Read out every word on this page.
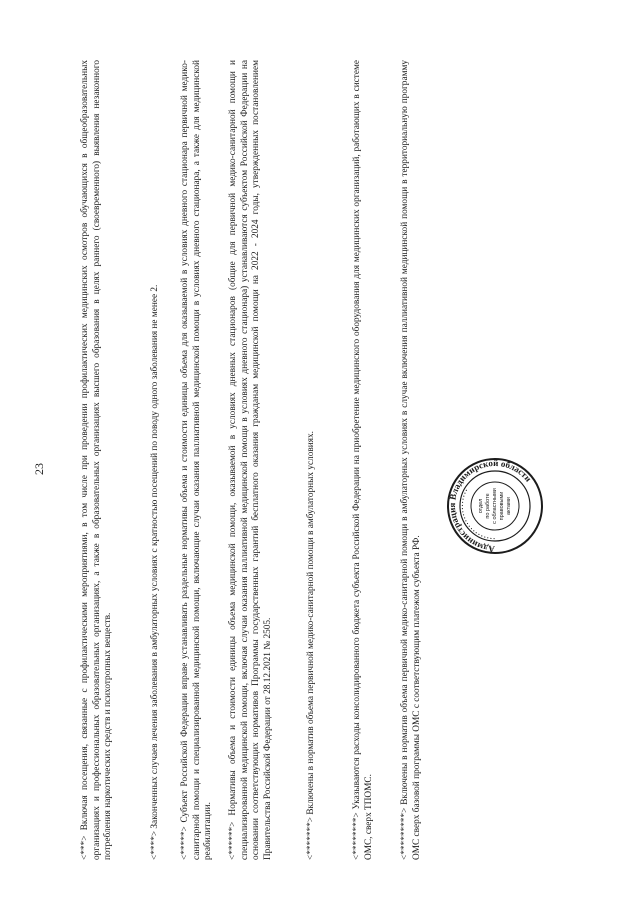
23	<***> Включая посещения, связанные с профилактическими мероприятиями, в том числе при проведении профилактических медицинских осмотров обучающихся в общеобразовательных организациях и профессиональных образовательных организациях, а также в образовательных организациях высшего образования в целях раннего (своевременного) выявления незаконного потребления наркотических средств и психотропных веществ.	<****> Законченных случаев лечения заболевания в амбулаторных условиях с кратностью посещений по поводу одного заболевания не менее 2. <*****> Субъект Российской Федерации вправе устанавливать раздельные нормативы объема и стоимости единицы объема для оказываемой в условиях дневного стационара первичной медико-санитарной помощи и специализированной медицинской помощи, включающие случаи оказания паллиативной медицинской помощи в условиях дневного стационара, а также для медицинской реабилитации. <******> Нормативы объема и стоимости единицы объема медицинской помощи, оказываемой в условиях дневных стационаров (общие для первичной медико-санитарной помощи и специализированной медицинской помощи, включая случаи оказания паллиативной медицинской помощи в условиях дневного стационара) устанавливаются субъектом Российской Федерации на основании соответствующих нормативов Программы государственных гарантий бесплатного оказания гражданам медицинской помощи на 2022 - 2024 годы, утвержденных постановлением Правительства Российской Федерации от 28.12.2021 № 2505.	<*******> Включены в норматив объема первичной медико-санитарной помощи в амбулаторных условиях.	<********> Указываются расходы консолидированного бюджета субъекта Российской Федерации на приобретение медицинского оборудования для медицинских организаций, работающих в системе ОМС, сверх ТПОМС.	<*********> Включены в норматив объема первичной медико-санитарной помощи в амбулаторных условиях в случае включения паллиативной медицинской помощи в территориальную программу ОМС сверх базовой программы ОМС с соответствующим платежом субъекта РФ.	Администрация Владимирской области
• • • • • • • • • • • • • • • • • • • • • •
отдел по работе с областными правовыми актами
